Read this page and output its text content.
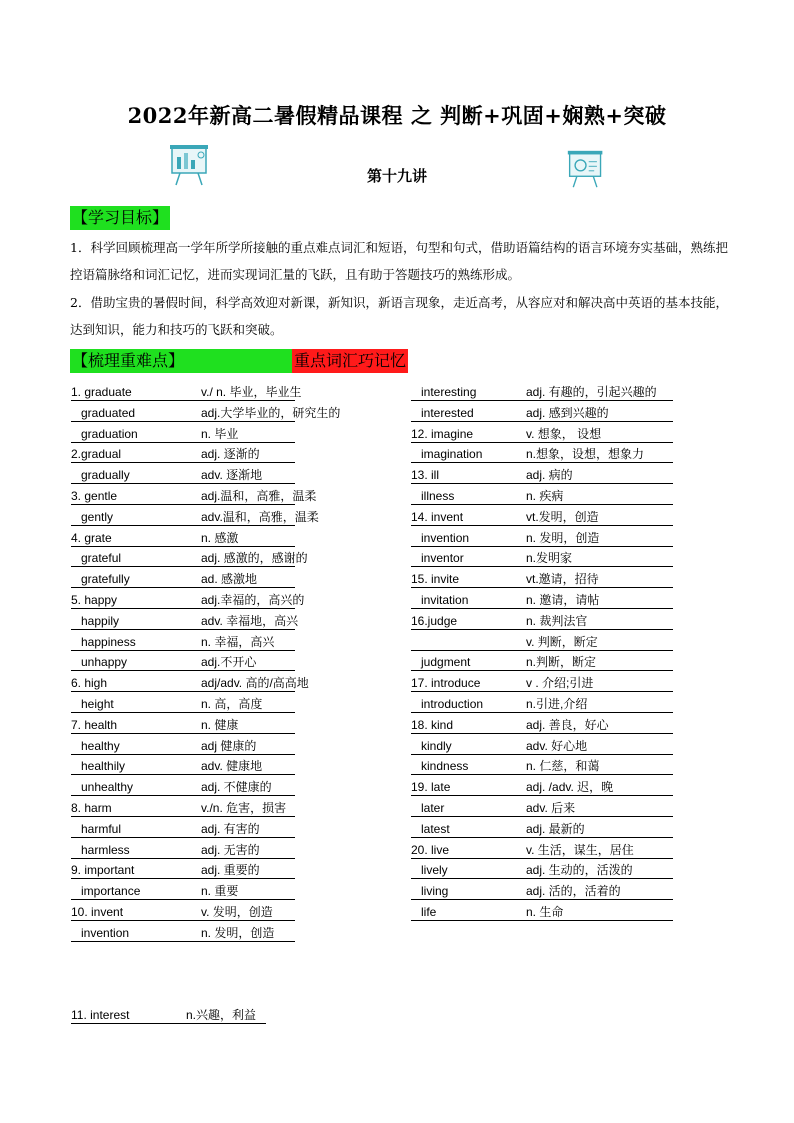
2022年新高二暑假精品课程 之 判断+巩固+娴熟+突破
第十九讲
【学习目标】
1．科学回顾梳理高一学年所学所接触的重点难点词汇和短语，句型和句式，借助语篇结构的语言环境夯实基础，熟练把控语篇脉络和词汇记忆，进而实现词汇量的飞跃，且有助于答题技巧的熟练形成。
2．借助宝贵的暑假时间，科学高效迎对新课，新知识，新语言现象，走近高考，从容应对和解决高中英语的基本技能，达到知识，能力和技巧的飞跃和突破。
【梳理重难点】	重点词汇巧记忆
1. graduate	v./ n. 毕业，毕业生
graduated	adj.大学毕业的，研究生的
graduation	n. 毕业
2.gradual	adj. 逐渐的
gradually	adv. 逐渐地
3. gentle	adj.温和，高雅，温柔
gently	adv.温和，高雅，温柔
4. grate	n. 感激
grateful	adj. 感激的，感谢的
gratefully	ad. 感激地
5. happy	adj.幸福的，高兴的
happily	adv. 幸福地，高兴
happiness	n. 幸福，高兴
unhappy	adj.不开心
6. high	adj/adv. 高的/高高地
height	n. 高，高度
7. health	n. 健康
healthy	adj 健康的
healthily	adv. 健康地
unhealthy	adj. 不健康的
8. harm	v./n. 危害，损害
harmful	adj. 有害的
harmless	adj. 无害的
9. important	adj. 重要的
importance	n. 重要
10. invent	v. 发明，创造
invention	n. 发明，创造
interesting	adj. 有趣的，引起兴趣的
interested	adj. 感到兴趣的
12. imagine	v. 想象， 设想
imagination	n.想象，设想，想象力
13. ill	adj. 病的
illness	n. 疾病
14. invent	vt.发明，创造
invention	n. 发明，创造
inventor	n.发明家
15. invite	vt.邀请，招待
invitation	n. 邀请，请帖
16.judge	n. 裁判法官
v. 判断，断定
judgment	n.判断，断定
17. introduce	v . 介绍;引进
introduction	n.引进,介绍
18. kind	adj. 善良，好心
kindly	adv. 好心地
kindness	n. 仁慈，和蔼
19. late	adj. /adv. 迟，晚
later	adv. 后来
latest	adj. 最新的
20. live	v. 生活，谋生，居住
lively	adj. 生动的，活泼的
living	adj. 活的，活着的
life	n. 生命
11. interest	n.兴趣，利益
